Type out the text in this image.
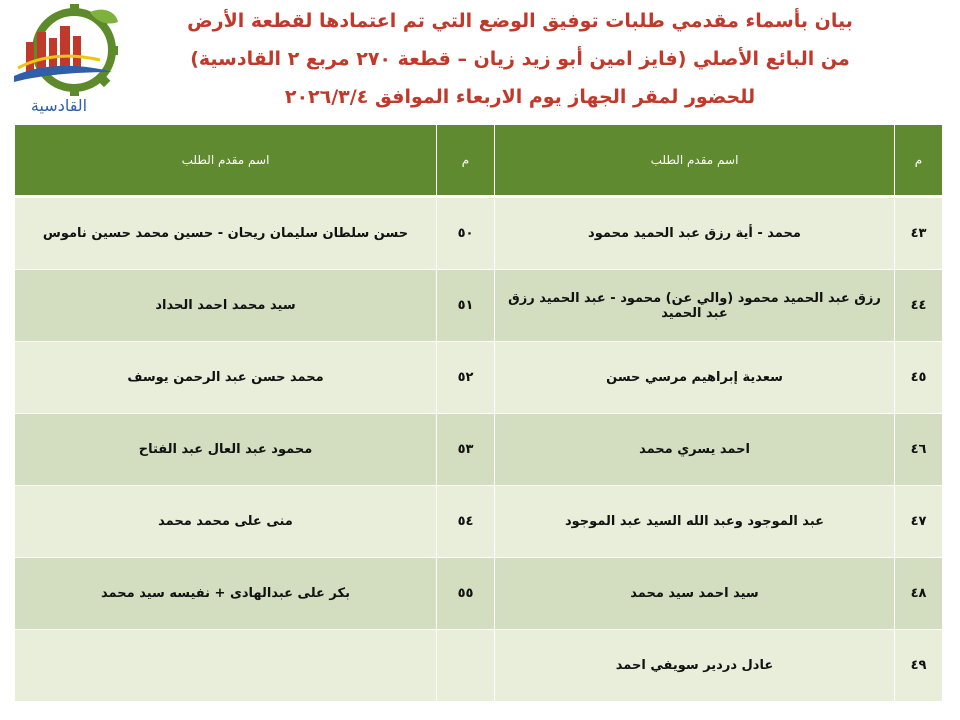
القادسية
بيان بأسماء مقدمي طلبات توفيق الوضع التي تم اعتمادها لقطعة الأرض
من البائع الأصلي (فايز امين أبو زيد زيان – قطعة ٢٧٠ مربع ٢ القادسية)
للحضور لمقر الجهاز يوم الاربعاء الموافق ٢٠٢٦/٣/٤
اسم مقدم الطلب	م	اسم مقدم الطلب	م
حسن سلطان سليمان ريحان - حسين محمد حسين ناموس	٥٠	محمد - أية رزق عبد الحميد محمود	٤٣
سيد محمد احمد الحداد	٥١	رزق عبد الحميد محمود (والي عن) محمود - عبد الحميد رزق عبد الحميد	٤٤
محمد حسن عبد الرحمن يوسف	٥٢	سعدية إبراهيم مرسي حسن	٤٥
محمود عبد العال عبد الفتاح	٥٣	احمد يسري محمد	٤٦
منى على محمد محمد	٥٤	عبد الموجود وعبد الله السيد عبد الموجود	٤٧
بكر على عبدالهادى + نفيسه سيد محمد	٥٥	سيد احمد سيد محمد	٤٨
		عادل دردير سويفي احمد	٤٩
